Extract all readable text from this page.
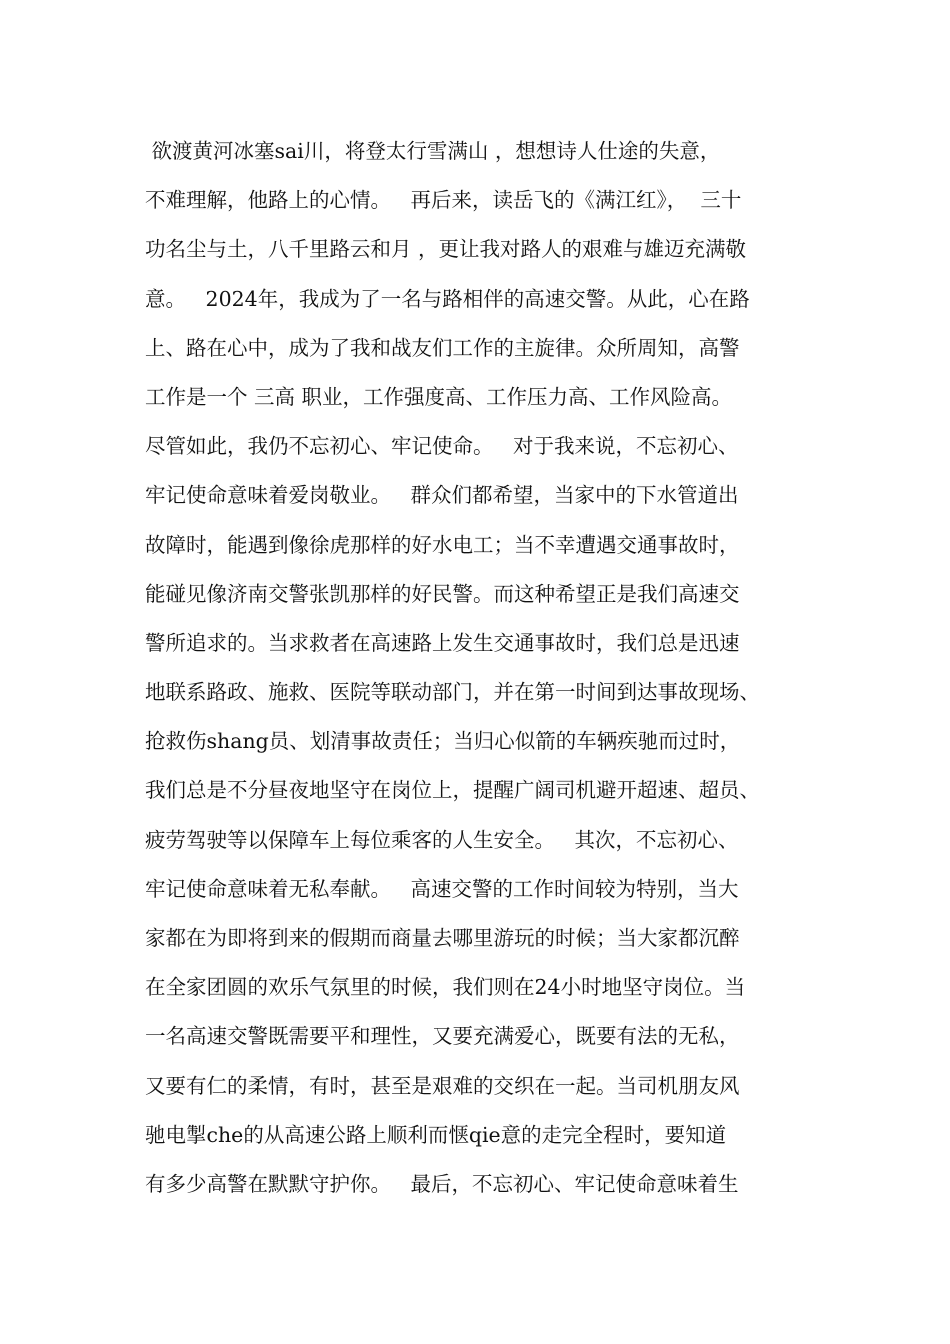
欲渡黄河冰塞sai川，将登太行雪满山 ，想想诗人仕途的失意，
不难理解，他路上的心情。   再后来，读岳飞的《满江红》，  三十
功名尘与土，八千里路云和月 ，更让我对路人的艰难与雄迈充满敬
意。   2024年，我成为了一名与路相伴的高速交警。从此，心在路
上、路在心中，成为了我和战友们工作的主旋律。众所周知，高警
工作是一个 三高 职业，工作强度高、工作压力高、工作风险高。
尽管如此，我仍不忘初心、牢记使命。   对于我来说，不忘初心、
牢记使命意味着爱岗敬业。   群众们都希望，当家中的下水管道出
故障时，能遇到像徐虎那样的好水电工；当不幸遭遇交通事故时，
能碰见像济南交警张凯那样的好民警。而这种希望正是我们高速交
警所追求的。当求救者在高速路上发生交通事故时，我们总是迅速
地联系路政、施救、医院等联动部门，并在第一时间到达事故现场、
抢救伤shang员、划清事故责任；当归心似箭的车辆疾驰而过时，
我们总是不分昼夜地坚守在岗位上，提醒广阔司机避开超速、超员、
疲劳驾驶等以保障车上每位乘客的人生安全。   其次，不忘初心、
牢记使命意味着无私奉献。   高速交警的工作时间较为特别，当大
家都在为即将到来的假期而商量去哪里游玩的时候；当大家都沉醉
在全家团圆的欢乐气氛里的时候，我们则在24小时地坚守岗位。当
一名高速交警既需要平和理性，又要充满爱心，既要有法的无私，
又要有仁的柔情，有时，甚至是艰难的交织在一起。当司机朋友风
驰电掣che的从高速公路上顺利而惬qie意的走完全程时，要知道
有多少高警在默默守护你。   最后，不忘初心、牢记使命意味着生
